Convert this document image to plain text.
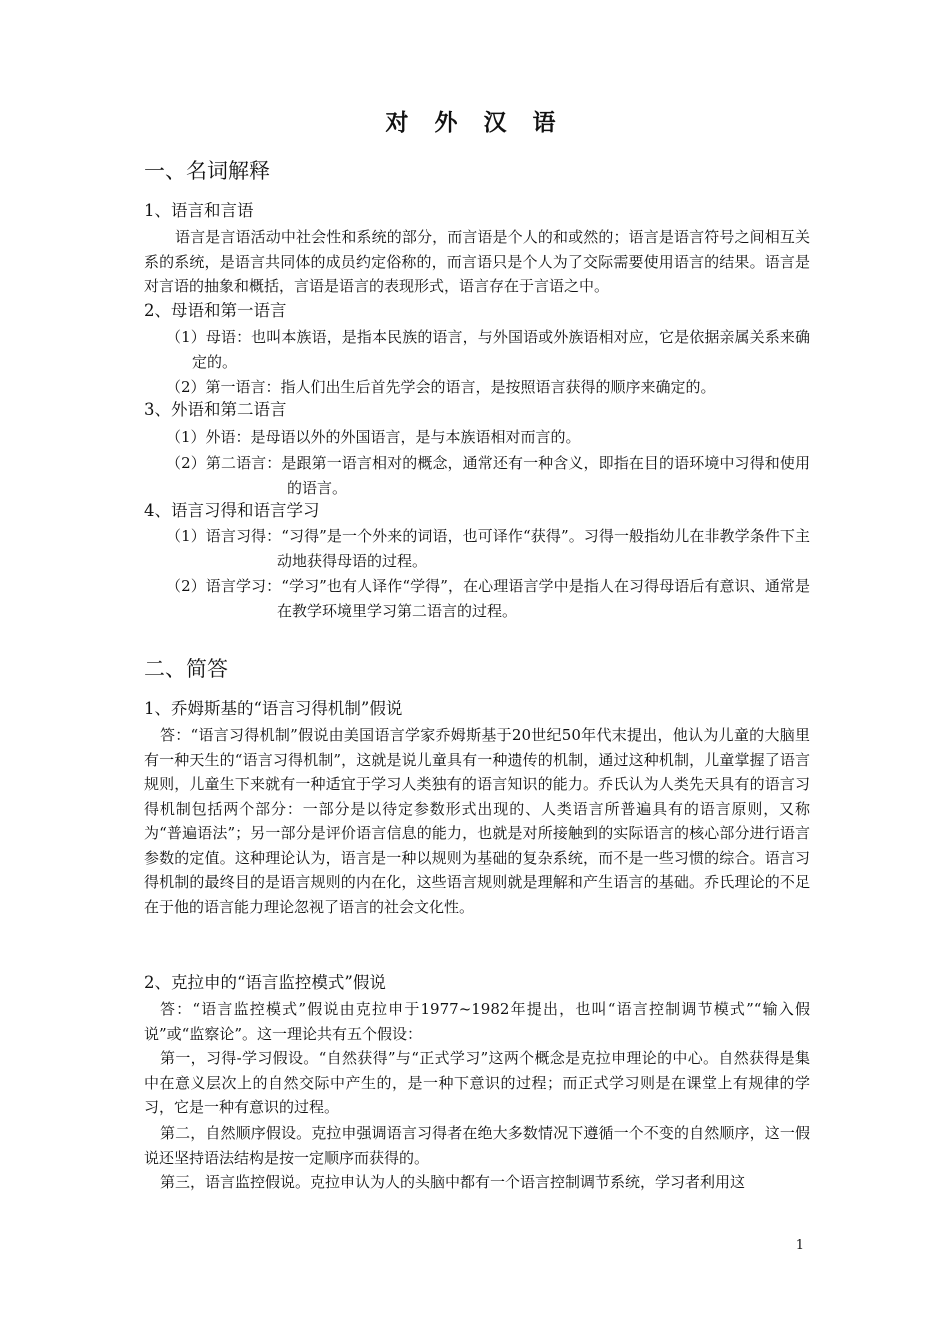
对 外 汉 语
一、名词解释
1、语言和言语
语言是言语活动中社会性和系统的部分，而言语是个人的和或然的；语言是语言符号之间相互关系的系统，是语言共同体的成员约定俗称的，而言语只是个人为了交际需要使用语言的结果。语言是对言语的抽象和概括，言语是语言的表现形式，语言存在于言语之中。
2、母语和第一语言
（1）母语：也叫本族语，是指本民族的语言，与外国语或外族语相对应，它是依据亲属关系来确定的。
（2）第一语言：指人们出生后首先学会的语言，是按照语言获得的顺序来确定的。
3、外语和第二语言
（1）外语：是母语以外的外国语言，是与本族语相对而言的。
（2）第二语言：是跟第一语言相对的概念，通常还有一种含义，即指在目的语环境中习得和使用的语言。
4、语言习得和语言学习
（1）语言习得：“习得”是一个外来的词语，也可译作“获得”。习得一般指幼儿在非教学条件下主动地获得母语的过程。
（2）语言学习：“学习”也有人译作“学得”，在心理语言学中是指人在习得母语后有意识、通常是在教学环境里学习第二语言的过程。
二、简答
1、乔姆斯基的“语言习得机制”假说
答：“语言习得机制”假说由美国语言学家乔姆斯基于20世纪50年代末提出，他认为儿童的大脑里有一种天生的“语言习得机制”，这就是说儿童具有一种遗传的机制，通过这种机制，儿童掌握了语言规则，儿童生下来就有一种适宜于学习人类独有的语言知识的能力。乔氏认为人类先天具有的语言习得机制包括两个部分：一部分是以待定参数形式出现的、人类语言所普遍具有的语言原则，又称为“普遍语法”；另一部分是评价语言信息的能力，也就是对所接触到的实际语言的核心部分进行语言参数的定值。这种理论认为，语言是一种以规则为基础的复杂系统，而不是一些习惯的综合。语言习得机制的最终目的是语言规则的内在化，这些语言规则就是理解和产生语言的基础。乔氏理论的不足在于他的语言能力理论忽视了语言的社会文化性。
2、克拉申的“语言监控模式”假说
答：“语言监控模式”假说由克拉申于1977~1982年提出，也叫“语言控制调节模式”“输入假说”或“监察论”。这一理论共有五个假设：
第一，习得-学习假设。“自然获得”与“正式学习”这两个概念是克拉申理论的中心。自然获得是集中在意义层次上的自然交际中产生的，是一种下意识的过程；而正式学习则是在课堂上有规律的学习，它是一种有意识的过程。
第二，自然顺序假设。克拉申强调语言习得者在绝大多数情况下遵循一个不变的自然顺序，这一假说还坚持语法结构是按一定顺序而获得的。
第三，语言监控假说。克拉申认为人的头脑中都有一个语言控制调节系统，学习者利用这
1
